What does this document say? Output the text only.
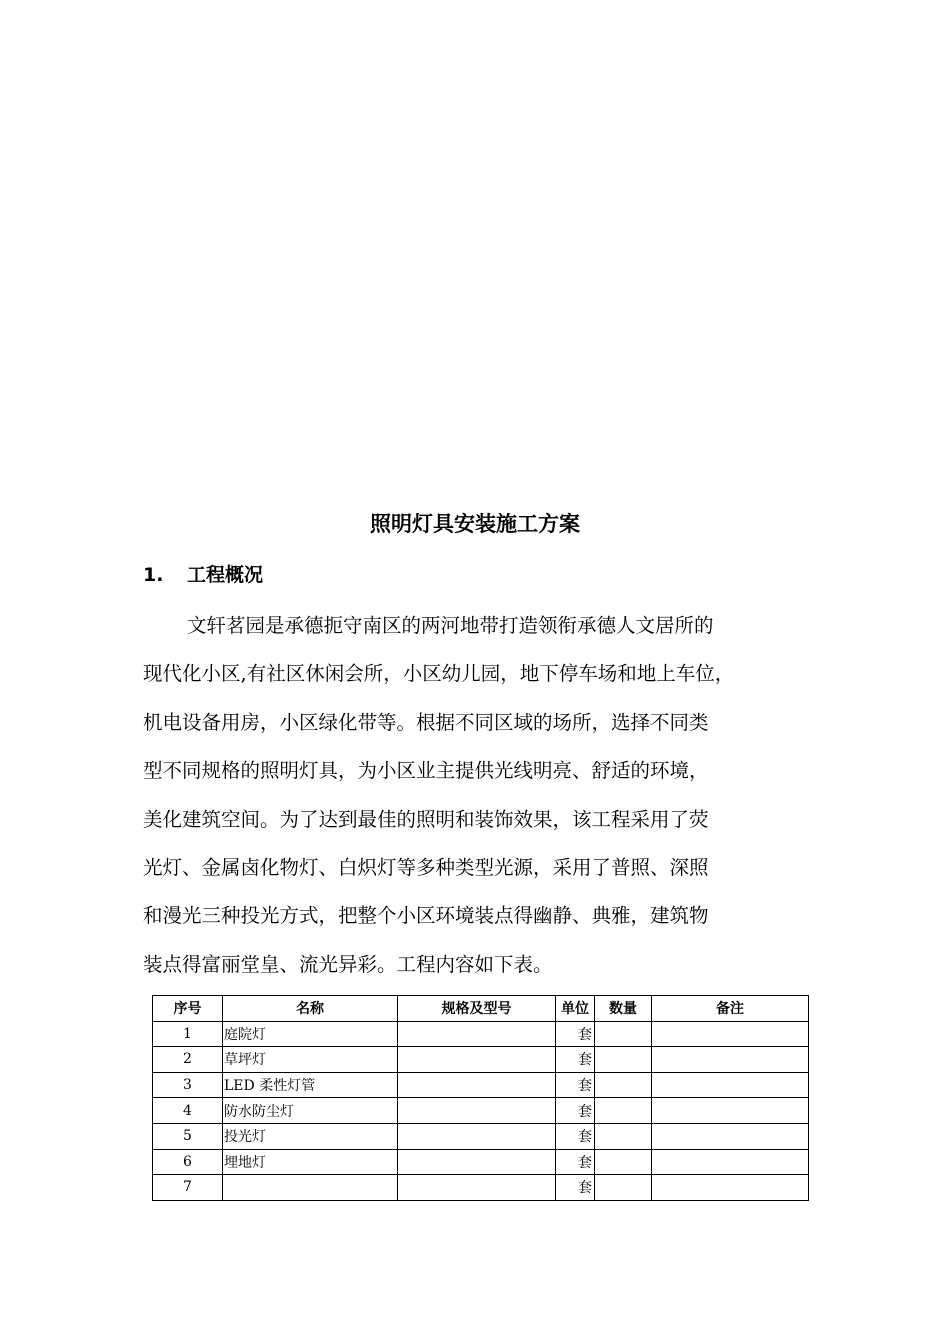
照明灯具安装施工方案
1. 工程概况
文轩茗园是承德扼守南区的两河地带打造领衔承德人文居所的
现代化小区,有社区休闲会所，小区幼儿园，地下停车场和地上车位，
机电设备用房，小区绿化带等。根据不同区域的场所，选择不同类
型不同规格的照明灯具，为小区业主提供光线明亮、舒适的环境，
美化建筑空间。为了达到最佳的照明和装饰效果，该工程采用了荧
光灯、金属卤化物灯、白炽灯等多种类型光源，采用了普照、深照
和漫光三种投光方式，把整个小区环境装点得幽静、典雅，建筑物
装点得富丽堂皇、流光异彩。工程内容如下表。
序号	名称	规格及型号	单位	数量	备注
1	庭院灯		套		
2	草坪灯		套		
3	LED 柔性灯管		套		
4	防水防尘灯		套		
5	投光灯		套		
6	埋地灯		套		
7			套		
